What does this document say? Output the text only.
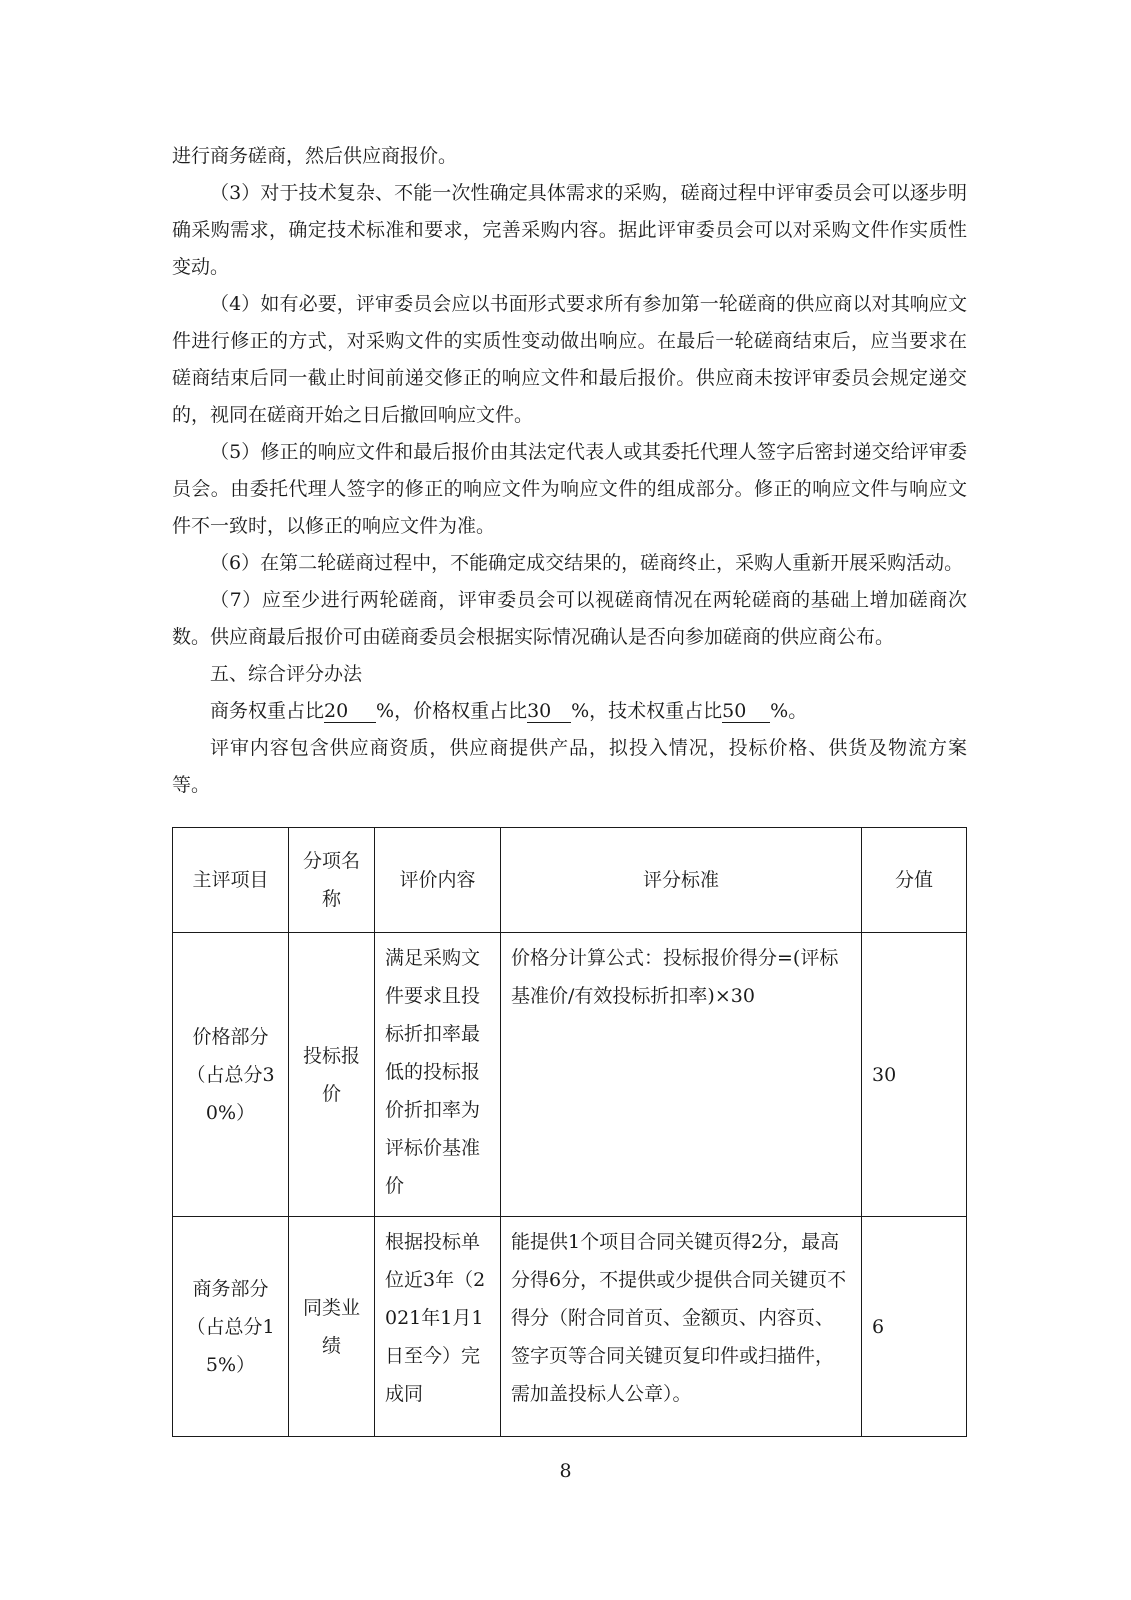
进行商务磋商，然后供应商报价。

（3）对于技术复杂、不能一次性确定具体需求的采购，磋商过程中评审委员会可以逐步明确采购需求，确定技术标准和要求，完善采购内容。据此评审委员会可以对采购文件作实质性变动。

（4）如有必要，评审委员会应以书面形式要求所有参加第一轮磋商的供应商以对其响应文件进行修正的方式，对采购文件的实质性变动做出响应。在最后一轮磋商结束后，应当要求在磋商结束后同一截止时间前递交修正的响应文件和最后报价。供应商未按评审委员会规定递交的，视同在磋商开始之日后撤回响应文件。

（5）修正的响应文件和最后报价由其法定代表人或其委托代理人签字后密封递交给评审委员会。由委托代理人签字的修正的响应文件为响应文件的组成部分。修正的响应文件与响应文件不一致时，以修正的响应文件为准。

（6）在第二轮磋商过程中，不能确定成交结果的，磋商终止，采购人重新开展采购活动。

（7）应至少进行两轮磋商，评审委员会可以视磋商情况在两轮磋商的基础上增加磋商次数。供应商最后报价可由磋商委员会根据实际情况确认是否向参加磋商的供应商公布。

五、综合评分办法

商务权重占比20 %，价格权重占比30 %，技术权重占比50 %。

评审内容包含供应商资质，供应商提供产品，拟投入情况，投标价格、供货及物流方案等。

主评项目	分项名称	评价内容	评分标准	分值
价格部分（占总分30%）	投标报价	满足采购文件要求且投标折扣率最低的投标报价折扣率为评标价基准价	价格分计算公式：投标报价得分=(评标基准价/有效投标折扣率)×30	30
商务部分（占总分15%）	同类业绩	根据投标单位近3年（2021年1月1日至今）完成同	能提供1个项目合同关键页得2分，最高分得6分，不提供或少提供合同关键页不得分（附合同首页、金额页、内容页、签字页等合同关键页复印件或扫描件，需加盖投标人公章）。	6
8
